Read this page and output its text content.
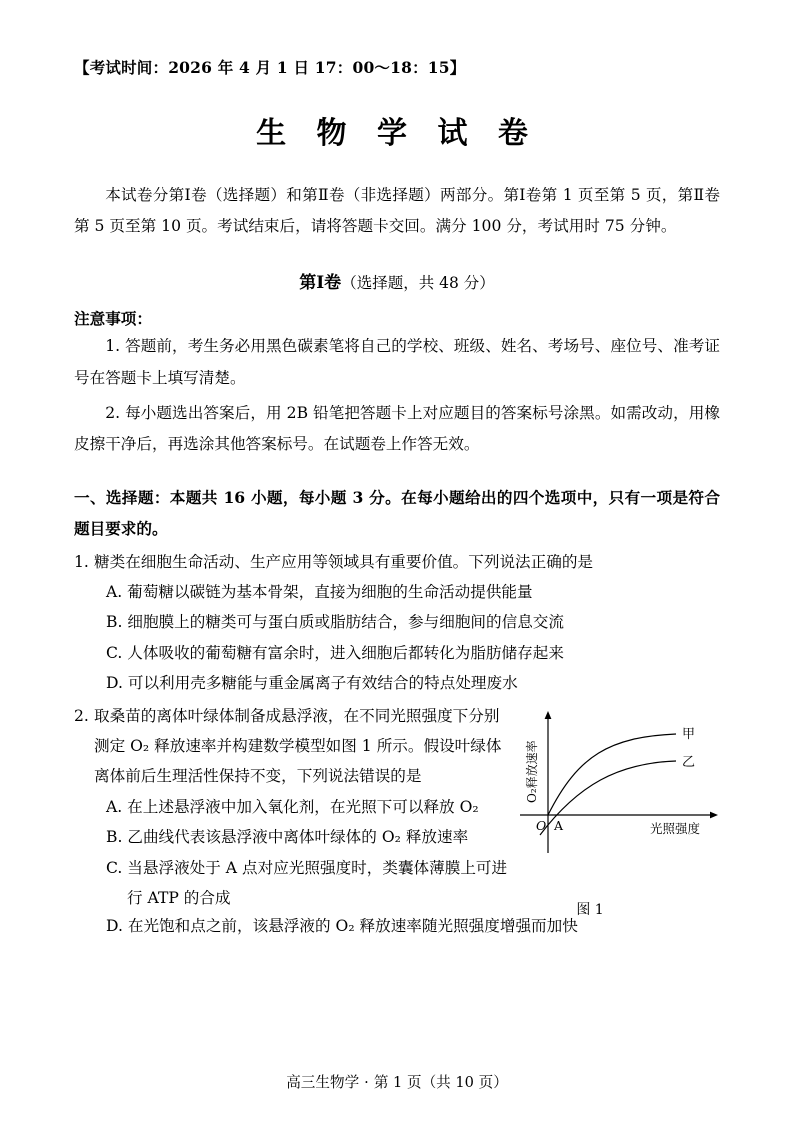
【考试时间：2026 年 4 月 1 日 17：00～18：15】
生 物 学 试 卷
本试卷分第Ⅰ卷（选择题）和第Ⅱ卷（非选择题）两部分。第Ⅰ卷第 1 页至第 5 页，第Ⅱ卷第 5 页至第 10 页。考试结束后，请将答题卡交回。满分 100 分，考试用时 75 分钟。
第Ⅰ卷（选择题，共 48 分）
注意事项：
1. 答题前，考生务必用黑色碳素笔将自己的学校、班级、姓名、考场号、座位号、准考证号在答题卡上填写清楚。
2. 每小题选出答案后，用 2B 铅笔把答题卡上对应题目的答案标号涂黑。如需改动，用橡皮擦干净后，再选涂其他答案标号。在试题卷上作答无效。
一、选择题：本题共 16 小题，每小题 3 分。在每小题给出的四个选项中，只有一项是符合题目要求的。
1. 糖类在细胞生命活动、生产应用等领域具有重要价值。下列说法正确的是
A. 葡萄糖以碳链为基本骨架，直接为细胞的生命活动提供能量
B. 细胞膜上的糖类可与蛋白质或脂肪结合，参与细胞间的信息交流
C. 人体吸收的葡萄糖有富余时，进入细胞后都转化为脂肪储存起来
D. 可以利用壳多糖能与重金属离子有效结合的特点处理废水
2. 取桑苗的离体叶绿体制备成悬浮液，在不同光照强度下分别
测定 O₂ 释放速率并构建数学模型如图 1 所示。假设叶绿体
离体前后生理活性保持不变，下列说法错误的是
A. 在上述悬浮液中加入氧化剂，在光照下可以释放 O₂
B. 乙曲线代表该悬浮液中离体叶绿体的 O₂ 释放速率
C. 当悬浮液处于 A 点对应光照强度时，类囊体薄膜上可进
行 ATP 的合成
O₂释放速率
光照强度
O A
甲
乙
图 1
D. 在光饱和点之前，该悬浮液的 O₂ 释放速率随光照强度增强而加快
高三生物学 · 第 1 页（共 10 页）
